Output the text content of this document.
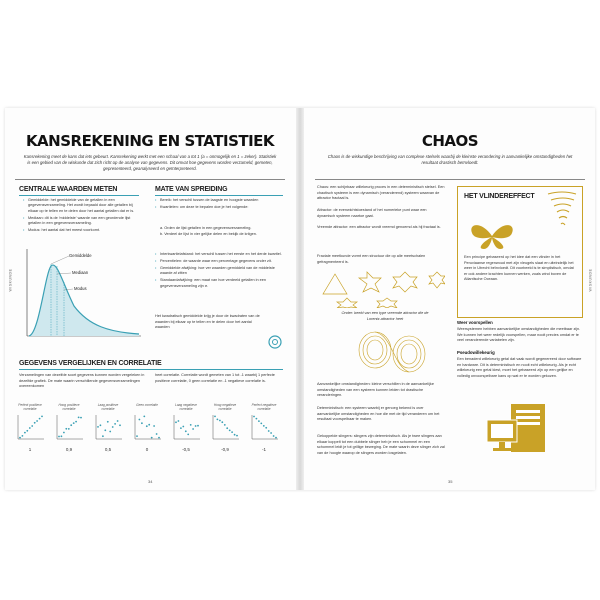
KANSREKENING EN STATISTIEK
Kansrekening meet de kans dat iets gebeurt. Kansrekening werkt met een schaal van a tot 1 (a = onmogelijk en 1 = zeker). Statistiek is een gebied van de wiskunde dat zich richt op de analyse van gegevens. Dit omvat hoe gegevens worden verzameld, gemeten, gepresenteerd, geanalyseerd en geïnterpreteerd.
CENTRALE WAARDEN METEN
• Gemiddelde: het gemiddelde van de getallen in een gegevensverzameling. Het wordt bepaald door alle getallen bij elkaar op te tellen en te delen door het aantal getallen dat er is.
• Mediaan: dit is de 'middelste' waarde van een geordende lijst getallen in een gegevensverzameling.
• Modus: het aantal dat het meest voorkomt.
Gemiddelde
Mediaan
Modus
MATE VAN SPREIDING
• Bereik: het verschil tussen de laagste en hoogste waarden
• Kwartielen: om deze te bepalen doe je het volgende:
a. Orden de lijst getallen in een gegevensverzameling.
b. Verdeel de lijst in vier gelijke delen en bekijk de kriigen.
• Interkwartielafstand: het verschil tussen het eerste en het derde kwartiel.
• Percentielen: de waarde waar een percentage gegevens onder zit.
• Gemiddelde afwijking: hoe ver waarden gemiddeld van de middelste waarde af zitten
• Standaardafwijking: een maat van hoe verdeeld getallen in een gegevensverzameling zijn σ.
Het kwadratisch gemiddelde krijg je door de kwadraten van de waarden bij elkaar op te tellen en te delen door het aantal waarden
GEGEVENS VERGELIJKEN EN CORRELATIE
Verzamelingen van dezelfde soort gegevens kunnen worden vergeleken in dezelfde grafiek. De mate waarin verschillende gegevensverzamelingen overeenkomen
heet correlatie. Correlatie wordt gemeten van 1 tot -1 waarbij 1 perfecte positieve correlatie, 0 geen correlatie en -1 negatieve correlatie is.
Perfect positieve correlatie
1
Hoog positieve correlatie
0,9
Laag positieve correlatie
0,5
Geen correlatie
0
Laag negatieve correlatie
-0,5
Hoog negatieve correlatie
-0,9
Perfect negatieve correlatie
-1
WISKUNDE
34
CHAOS
Chaos is de wiskundige beschrijving van complexe stelsels waarbij de kleinste verandering in aanvankelijke omstandigheden het resultaat drastisch beïnvloedt.
Chaos: een schijnbaar willekeurig proces in een deterministisch stelsel. Een chaotisch systeem is een dynamisch (veranderend) systeem waarvan de attractor fractaal is.
Attractor: de evenwichtstoestand of het numerieke punt waar een dynamisch systeem naartoe gaat.
Vreemde attractor: een attractor wordt vreemd genoemd als hij fractaal is.
Fractale meetkunde vormt een structuur die op alle meetschalen gefragmenteerd is.
Onder: beeld van een type vreemde attractor die de Lorentz-attractor heet
Aanvankelijke omstandigheden: kleine verschillen in de aanvankelijke omstandigheden van een systeem kunnen leiden tot drastische veranderingen.
Deterministisch: een systeem waarbij er genoeg bekend is over aanvankelijke omstandigheden en hoe die met de tijd veranderen om het resultaat voorspelbaar te maken.
Gekoppelde slingers: slingers zijn deterministisch. Als je twee slingers aan elkaar koppelt tot een dubbele slinger heb je een schommel en een schommel leidt je tot grillige beweging. De mate waarin deze slinger zich zal van de hoogte waarop de slingers worden losgelaten.
HET VLINDEREFFECT
Een principe gebaseerd op het idee dat een vlinder in het Peruviaanse regenwoud met zijn vleugels slaat en uiteindelijk het weer in Utrecht beïnvloedt. Dit voorbeeld is te simplistisch, omdat er ook andere krachten kunnen werken, zoals wind boven de Atlantische Oceaan.
Weer voorspellen
Weersystemen hebben aanvankelijke omstandigheden die meetbaar zijn. We kunnen het weer redelijk voorspellen, maar nooit precies omdat er te veel veranderende variabelen zijn.
Pseudowillekeurig
Een benaderd willekeurig getal dat vaak wordt gegenereerd door software en hardware. Dit is deterministisch en nooit echt willekeurig. Als je echt willekeurig een getal kiest, moet het gebaseerd zijn op een gelijke en volledig onvoorspelbare kans op wat er te worden gekozen.
WISKUNDE
35
